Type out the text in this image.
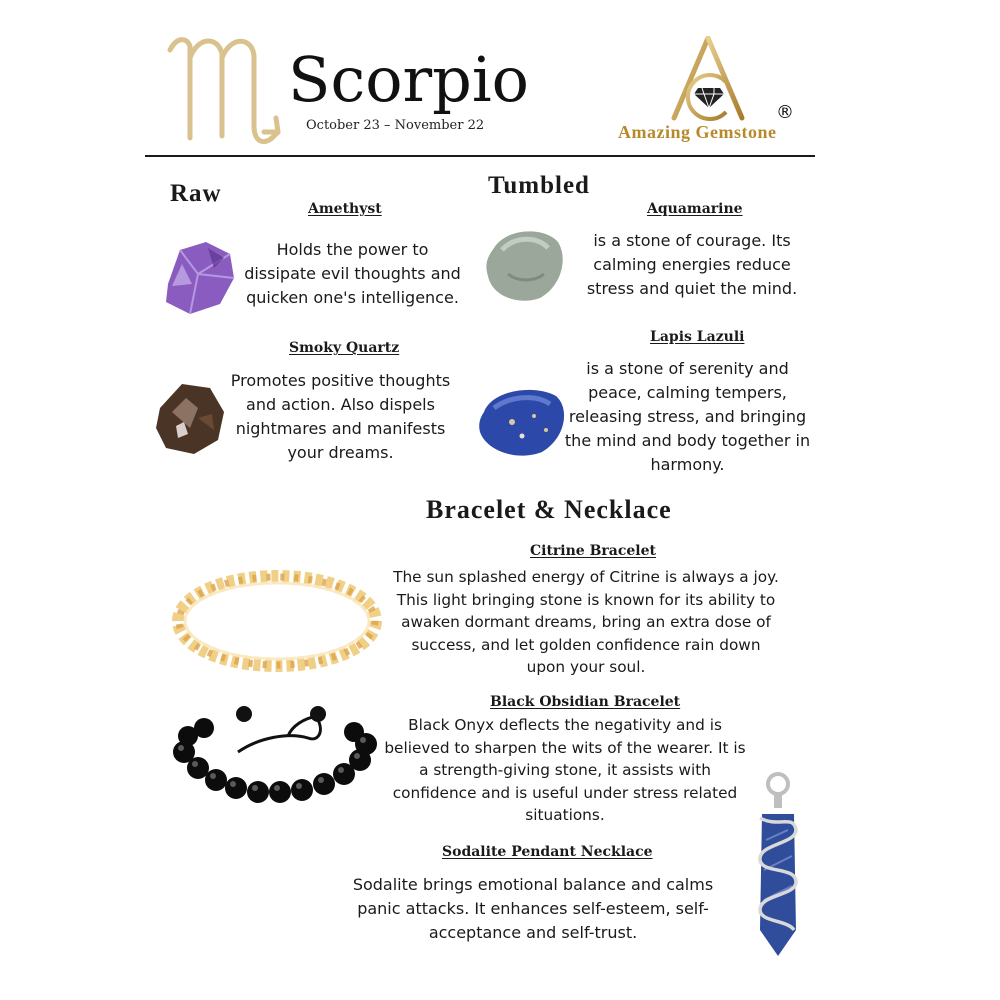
Scorpio
October 23 – November 22
®
Amazing Gemstone
Raw
Amethyst
Holds the power to dissipate evil thoughts and quicken one's intelligence.
Smoky Quartz
Promotes positive thoughts and action. Also dispels nightmares and manifests your dreams.
Tumbled
Aquamarine
is a stone of courage. Its calming energies reduce stress and quiet the mind.
Lapis Lazuli
is a stone of serenity and peace, calming tempers, releasing stress, and bringing the mind and body together in harmony.
Bracelet & Necklace
Citrine Bracelet
The sun splashed energy of Citrine is always a joy. This light bringing stone is known for its ability to awaken dormant dreams, bring an extra dose of success, and let golden confidence rain down upon your soul.
Black Obsidian Bracelet
Black Onyx deflects the negativity and is believed to sharpen the wits of the wearer. It is a strength-giving stone, it assists with confidence and is useful under stress related situations.
Sodalite Pendant Necklace
Sodalite brings emotional balance and calms panic attacks. It enhances self-esteem, self-acceptance and self-trust.
